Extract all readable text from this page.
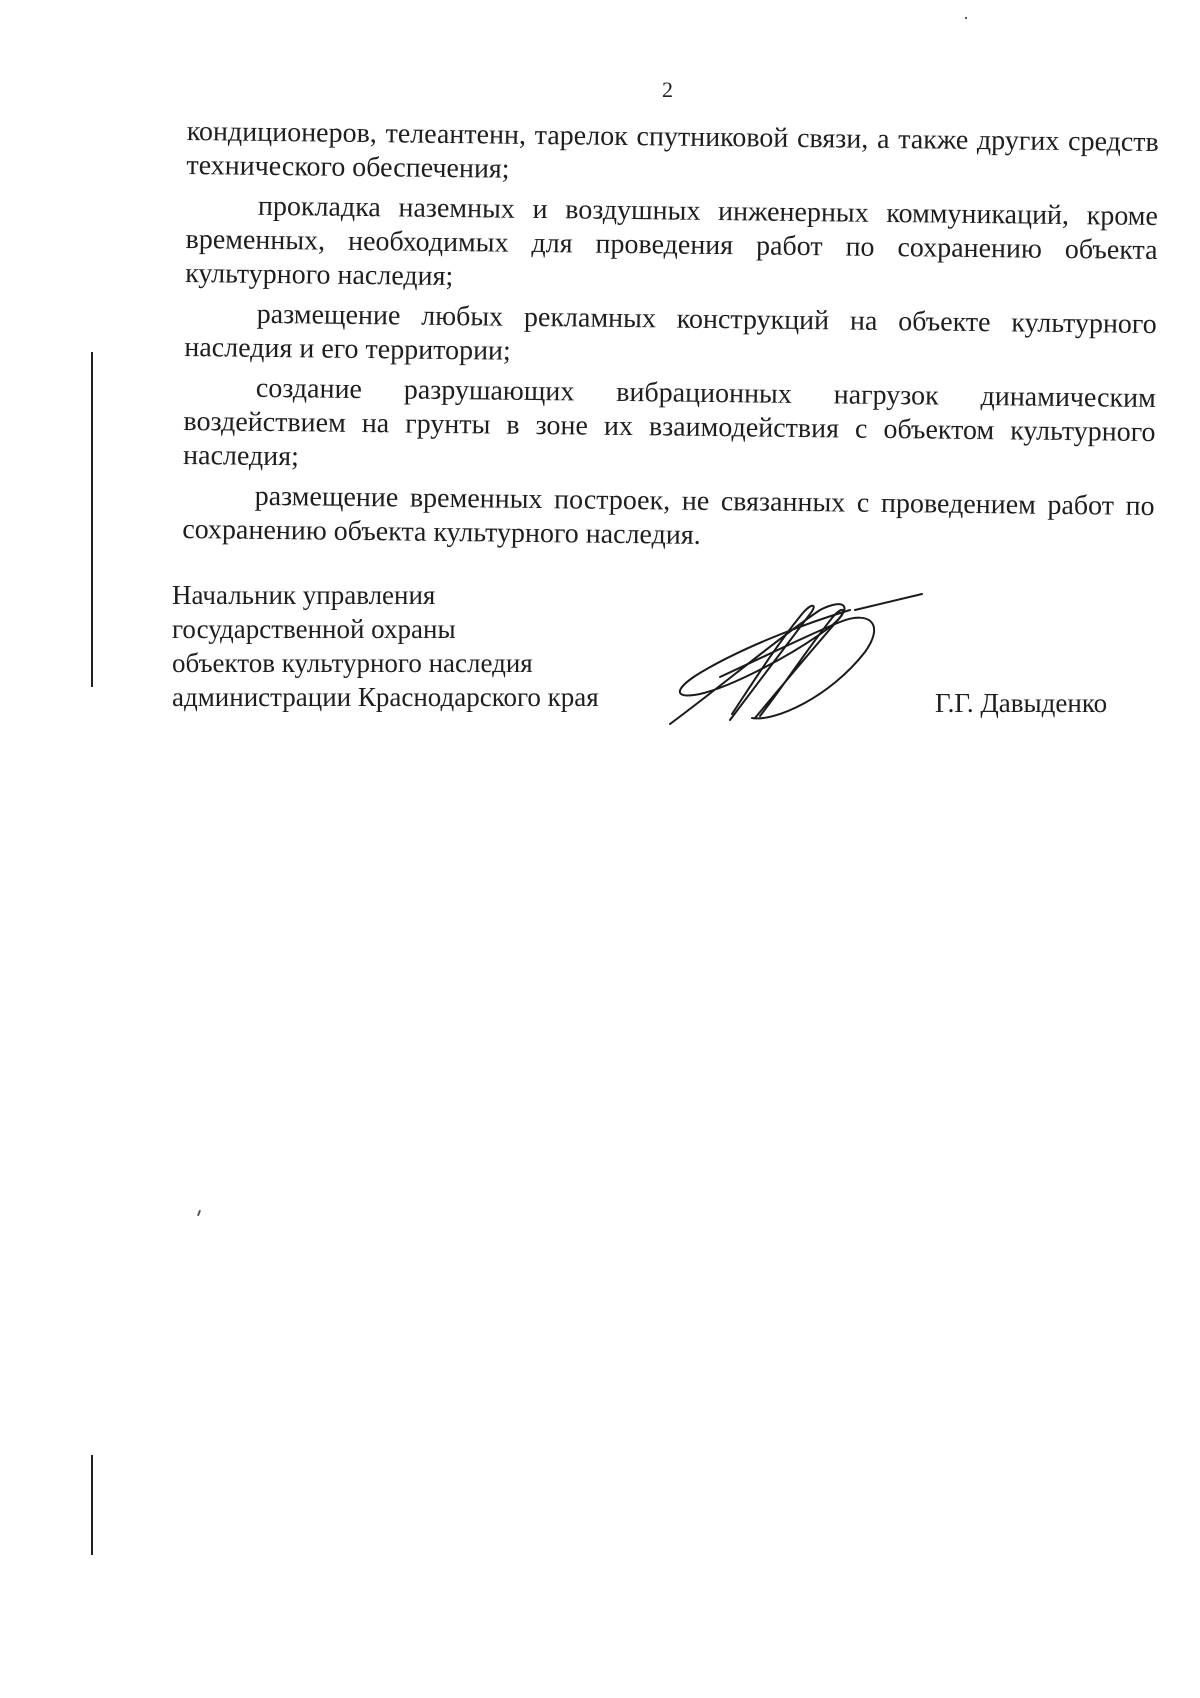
2

кондиционеров, телеантенн, тарелок спутниковой связи, а также других средств технического обеспечения;

прокладка наземных и воздушных инженерных коммуникаций, кроме временных, необходимых для проведения работ по сохранению объекта культурного наследия;

размещение любых рекламных конструкций на объекте культурного наследия и его территории;

создание разрушающих вибрационных нагрузок динамическим воздействием на грунты в зоне их взаимодействия с объектом культурного наследия;

размещение временных построек, не связанных с проведением работ по сохранению объекта культурного наследия.

Начальник управления
государственной охраны
объектов культурного наследия
администрации Краснодарского края	Г.Г. Давыденко
